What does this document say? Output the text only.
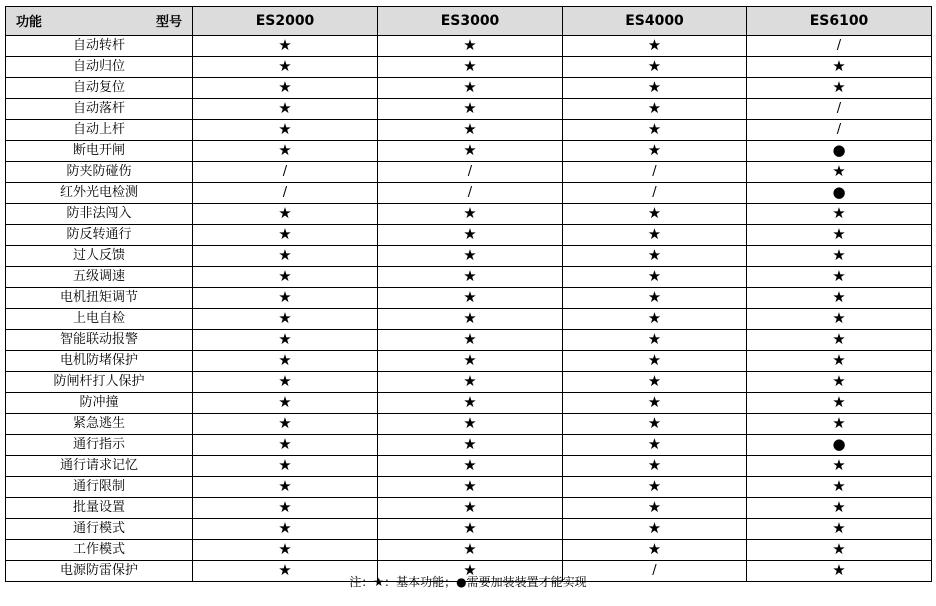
功能 型号	ES2000	ES3000	ES4000	ES6100
自动转杆	★	★	★	/
自动归位	★	★	★	★
自动复位	★	★	★	★
自动落杆	★	★	★	/
自动上杆	★	★	★	/
断电开闸	★	★	★	●
防夹防碰伤	/	/	/	★
红外光电检测	/	/	/	●
防非法闯入	★	★	★	★
防反转通行	★	★	★	★
过人反馈	★	★	★	★
五级调速	★	★	★	★
电机扭矩调节	★	★	★	★
上电自检	★	★	★	★
智能联动报警	★	★	★	★
电机防堵保护	★	★	★	★
防闸杆打人保护	★	★	★	★
防冲撞	★	★	★	★
紧急逃生	★	★	★	★
通行指示	★	★	★	●
通行请求记忆	★	★	★	★
通行限制	★	★	★	★
批量设置	★	★	★	★
通行模式	★	★	★	★
工作模式	★	★	★	★
电源防雷保护	★	★	/	★
注：★：基本功能；●需要加装装置才能实现
